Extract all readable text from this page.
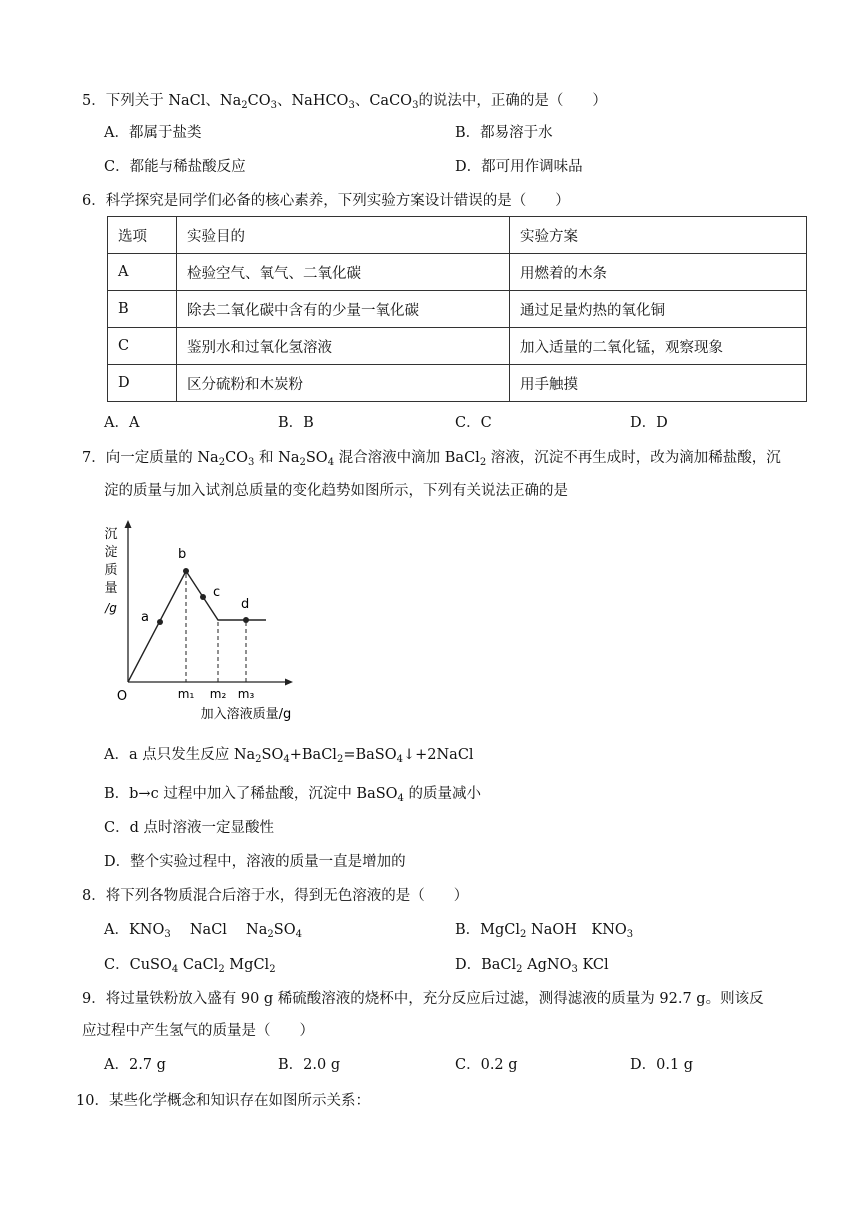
5．下列关于 NaCl、$Na_2CO_3$、NaHCO$_3$、CaCO$_3$的说法中，正确的是（　　）
A．都属于盐类	B．都易溶于水
C．都能与稀盐酸反应	D．都可用作调味品
6．科学探究是同学们必备的核心素养，下列实验方案设计错误的是（　　）
选项	实验目的	实验方案
A	检验空气、氧气、二氧化碳	用燃着的木条
B	除去二氧化碳中含有的少量一氧化碳	通过足量灼热的氧化铜
C	鉴别水和过氧化氢溶液	加入适量的二氧化锰，观察现象
D	区分硫粉和木炭粉	用手触摸
A．A	B．B	C．C	D．D
7．向一定质量的 $Na_2CO_3$ 和 $Na_2SO_4$ 混合溶液中滴加 BaCl$_2$ 溶液，沉淀不再生成时，改为滴加稀盐酸，沉
淀的质量与加入试剂总质量的变化趋势如图所示，下列有关说法正确的是
沉
淀
质
量
/g
a
b
c
d
O	m₁ m₂ m₃
加入溶液质量/g
A．a 点只发生反应 $Na_2SO_4+BaCl_2=BaSO_4↓+2NaCl$
B．b→c 过程中加入了稀盐酸，沉淀中 BaSO$_4$ 的质量减小
C．d 点时溶液一定显酸性
D．整个实验过程中，溶液的质量一直是增加的
8．将下列各物质混合后溶于水，得到无色溶液的是（　　）
A．$KNO_3$　 NaCl　 $Na_2SO_4$	B．MgCl$_2$ NaOH　$KNO_3$
C．CuSO$_4$ CaCl$_2$ MgCl$_2$	D．BaCl$_2$ AgNO$_3$ KCl
9．将过量铁粉放入盛有 90 g 稀硫酸溶液的烧杯中，充分反应后过滤，测得滤液的质量为 92.7 g。则该反
应过程中产生氢气的质量是（　　）
A．2.7 g	B．2.0 g	C．0.2 g	D．0.1 g
10．某些化学概念和知识存在如图所示关系：
